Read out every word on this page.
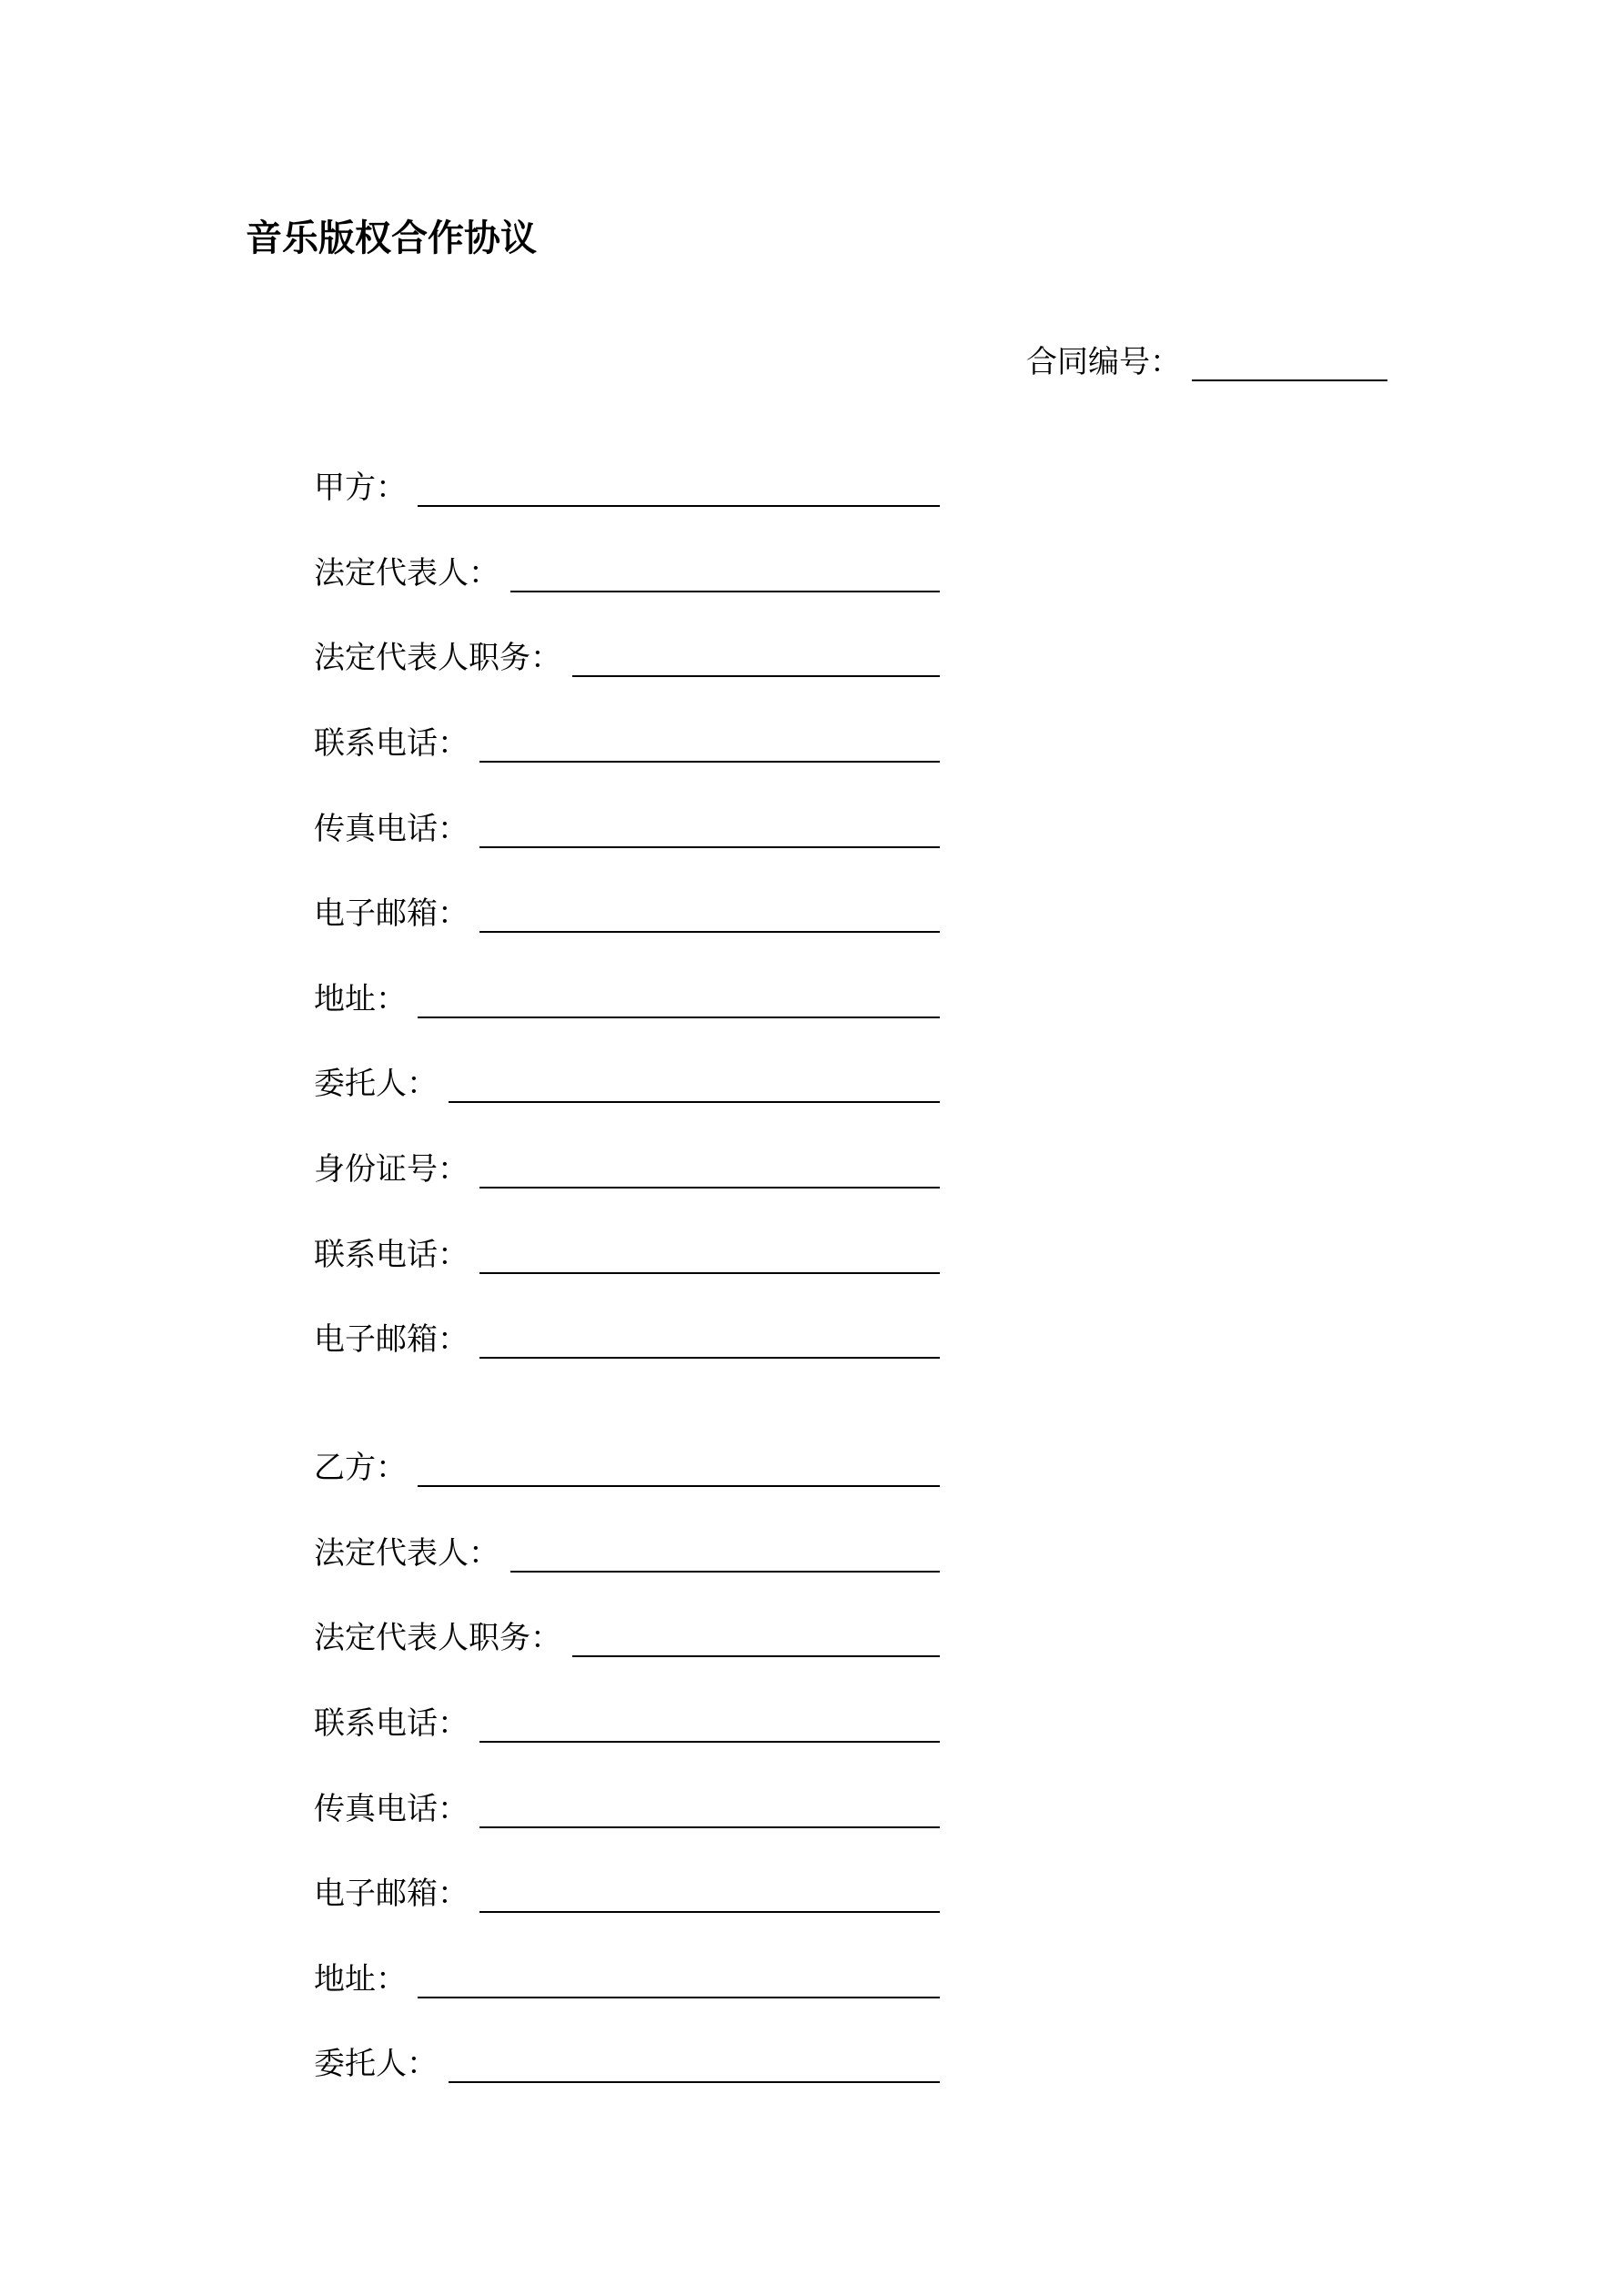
音乐版权合作协议
合同编号：
甲方：
法定代表人：
法定代表人职务：
联系电话：
传真电话：
电子邮箱：
地址：
委托人：
身份证号：
联系电话：
电子邮箱：
乙方：
法定代表人：
法定代表人职务：
联系电话：
传真电话：
电子邮箱：
地址：
委托人：
